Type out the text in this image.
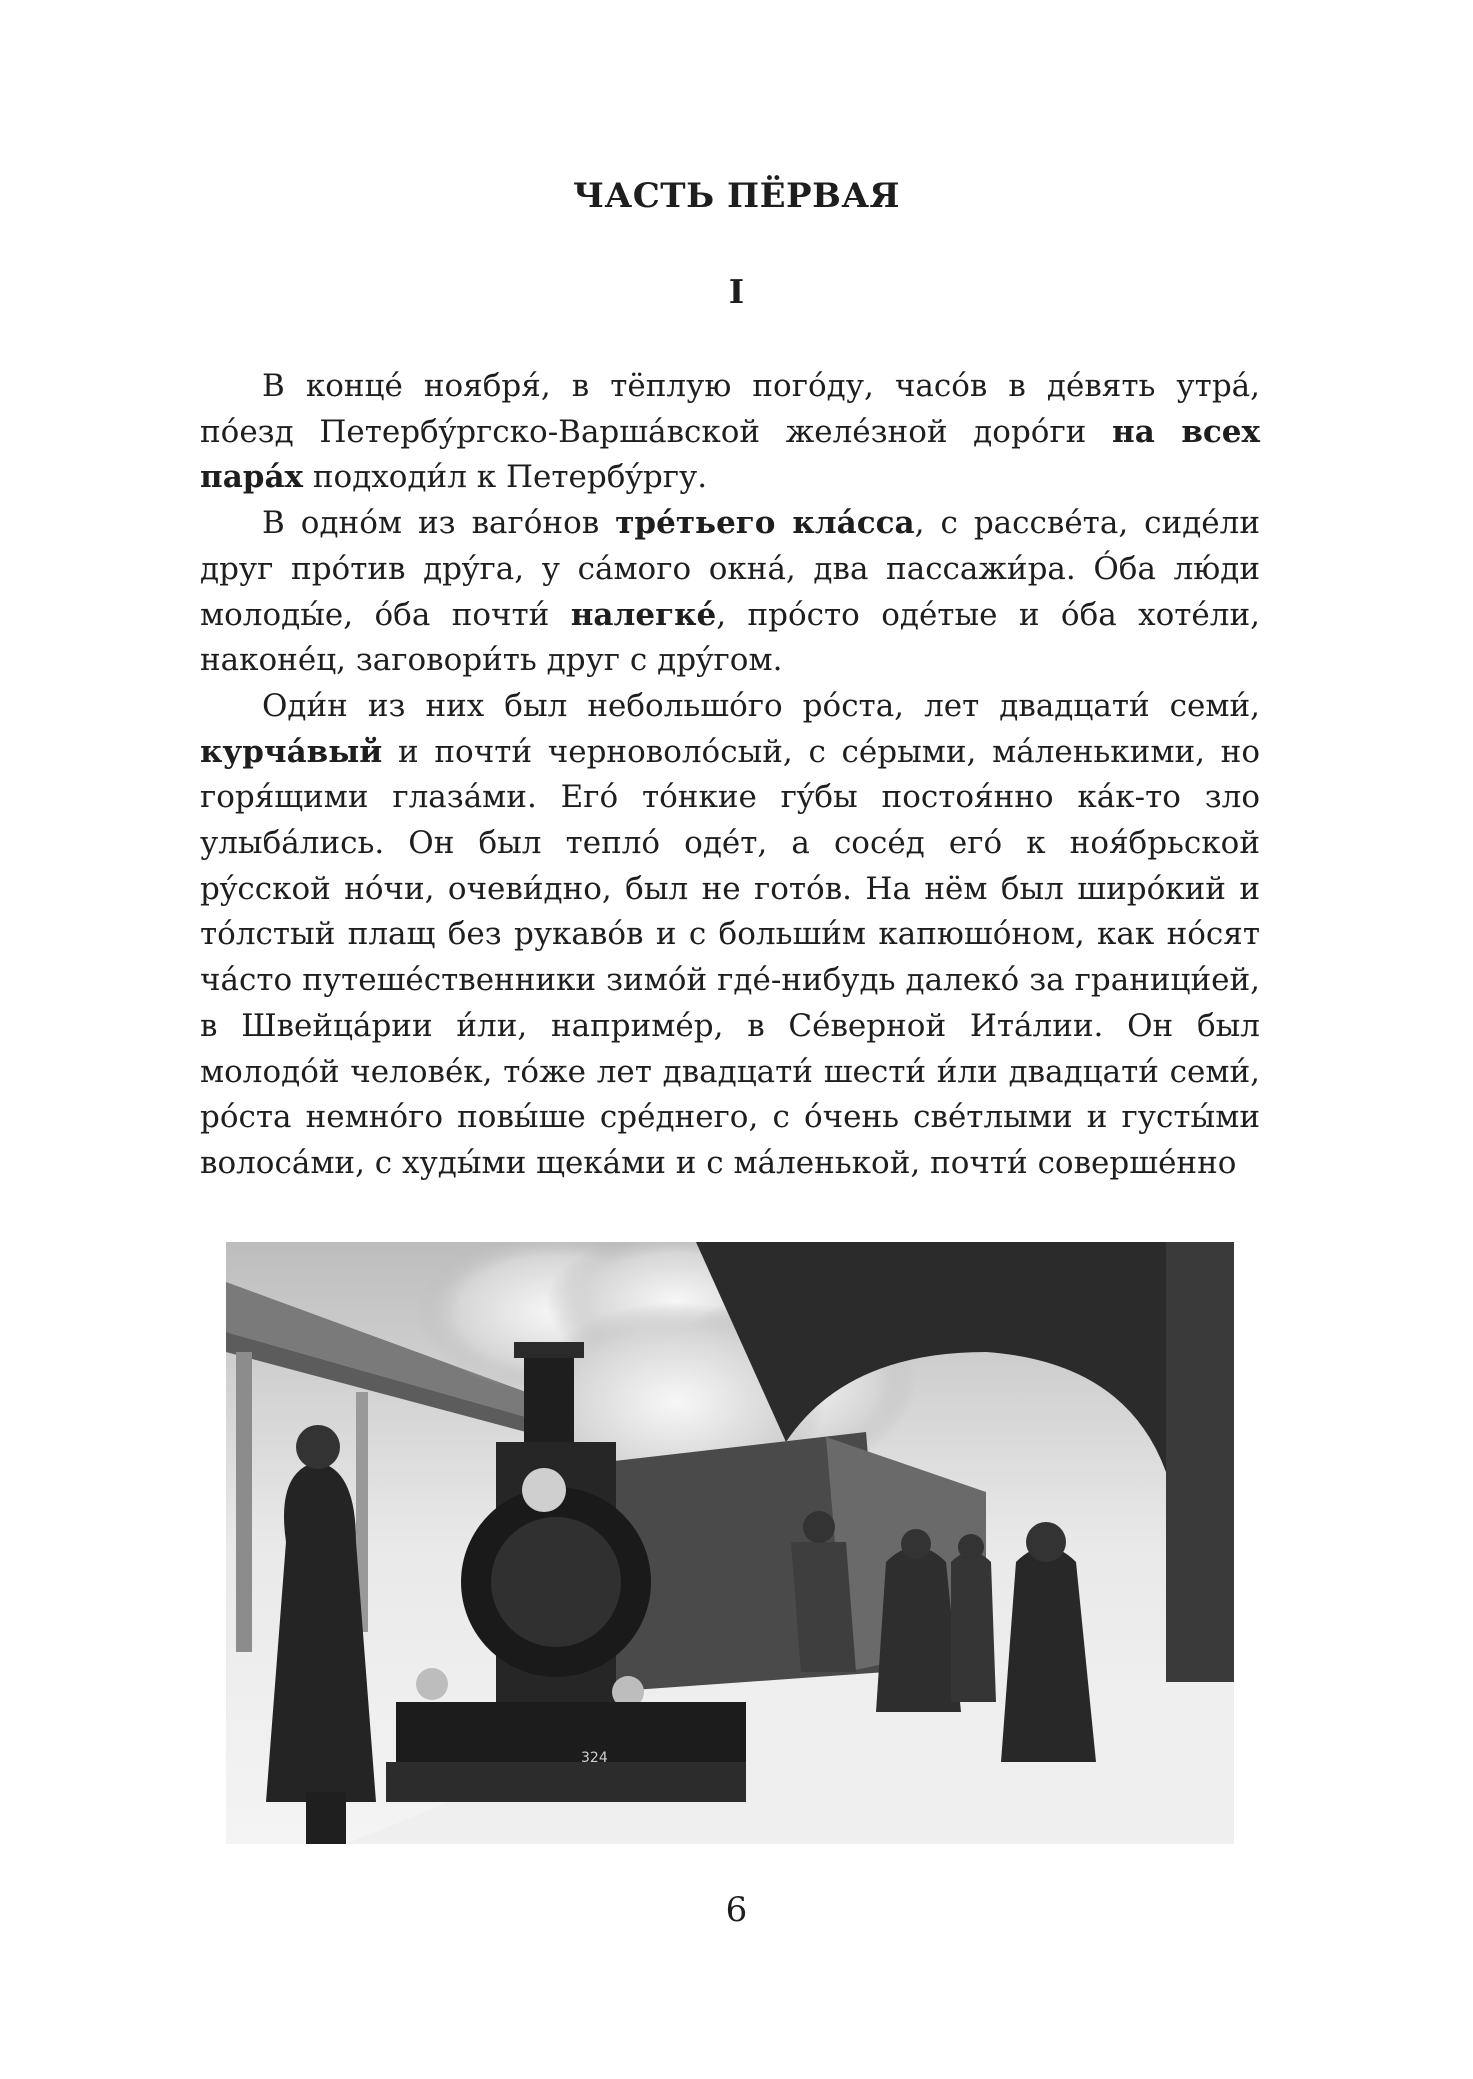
ЧАСТЬ ПЁРВАЯ
I

В концé ноября́, в тёплую погóду, часóв в дéвять утрá, пóезд Петербýргско-Варшáвской желéзной дорóги на всех парáх подходи́л к Петербýргу.

В однóм из вагóнов трéтьего клáсса, с рассвéта, сидéли друг прóтив дрýга, у сáмого окнá, два пассажи́ра. Óба лю́ди молоды́е, óба почти́ налегкé, прóсто одéтые и óба хотéли, наконéц, заговори́ть друг с дрýгом.

Оди́н из них был небольшóго рóста, лет двадцати́ семи́, курчáвый и почти́ черноволóсый, с сéрыми, мáленькими, но горя́щими глазáми. Егó тóнкие гýбы постоя́нно кáк-то зло улыбáлись. Он был тепло́ одéт, а сосéд егó к ноя́брьской рýсской нóчи, очеви́дно, был не готóв. На нём был ширóкий и тóлстый плащ без рукавóв и с больши́м капюшóном, как нóсят чáсто путешéственники зимóй гдé-нибудь далекó за граници́ей, в Швейцáрии и́ли, напримéр, в Сéверной Итáлии. Он был молодóй человéк, тóже лет двадцати́ шести́ и́ли двадцати́ семи́, рóста немнóго повы́ше срéднего, с óчень свéтлыми и густы́ми волосáми, с худы́ми щекáми и с мáленькой, почти́ совершéнно

324
6
